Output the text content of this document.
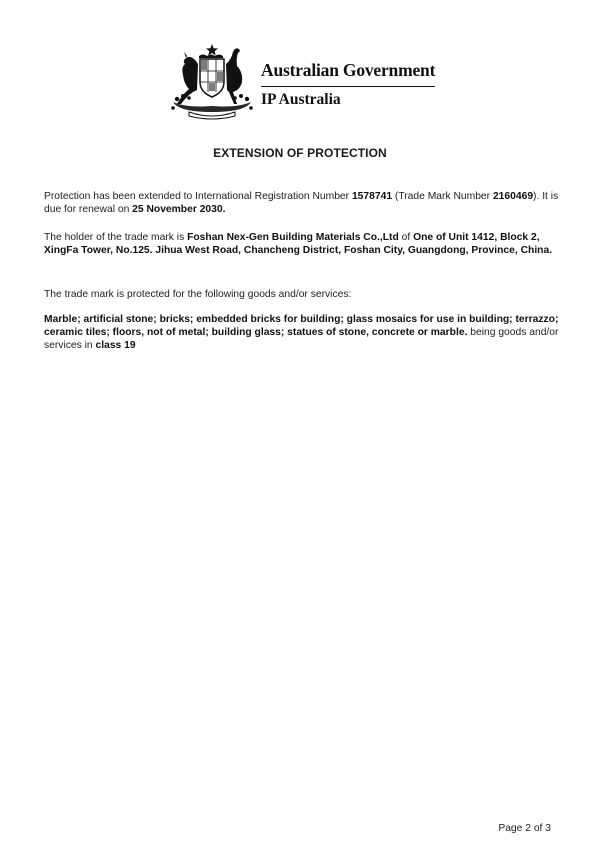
Australian Government
IP Australia
EXTENSION OF PROTECTION
Protection has been extended to International Registration Number 1578741 (Trade Mark Number 2160469). It is due for renewal on 25 November 2030.
The holder of the trade mark is Foshan Nex-Gen Building Materials Co.,Ltd of One of Unit 1412, Block 2, XingFa Tower, No.125. Jihua West Road, Chancheng District, Foshan City, Guangdong, Province, China.
The trade mark is protected for the following goods and/or services:
Marble; artificial stone; bricks; embedded bricks for building; glass mosaics for use in building; terrazzo; ceramic tiles; floors, not of metal; building glass; statues of stone, concrete or marble. being goods and/or services in class 19
Page 2 of 3
